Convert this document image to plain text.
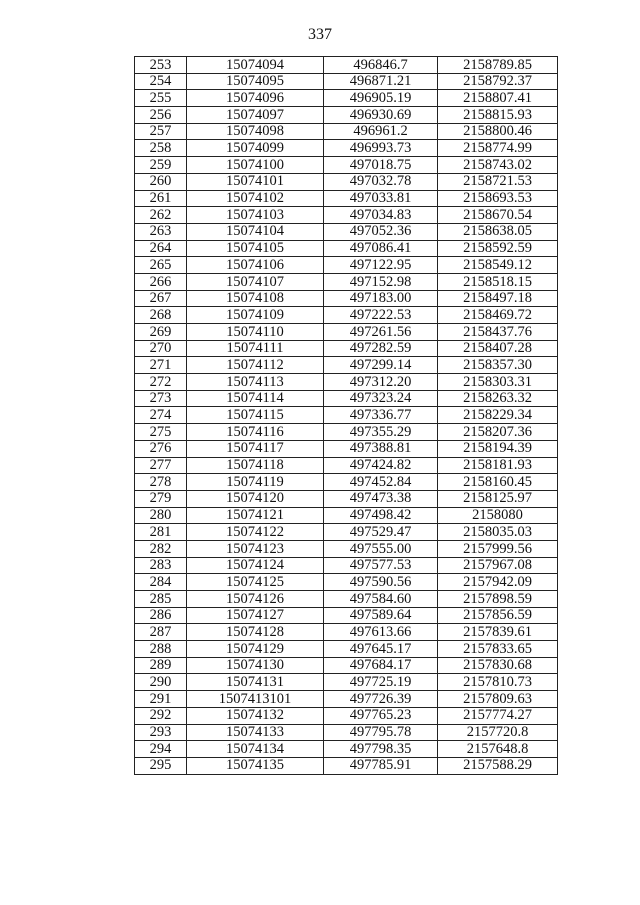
337
253	15074094	496846.7	2158789.85
254	15074095	496871.21	2158792.37
255	15074096	496905.19	2158807.41
256	15074097	496930.69	2158815.93
257	15074098	496961.2	2158800.46
258	15074099	496993.73	2158774.99
259	15074100	497018.75	2158743.02
260	15074101	497032.78	2158721.53
261	15074102	497033.81	2158693.53
262	15074103	497034.83	2158670.54
263	15074104	497052.36	2158638.05
264	15074105	497086.41	2158592.59
265	15074106	497122.95	2158549.12
266	15074107	497152.98	2158518.15
267	15074108	497183.00	2158497.18
268	15074109	497222.53	2158469.72
269	15074110	497261.56	2158437.76
270	15074111	497282.59	2158407.28
271	15074112	497299.14	2158357.30
272	15074113	497312.20	2158303.31
273	15074114	497323.24	2158263.32
274	15074115	497336.77	2158229.34
275	15074116	497355.29	2158207.36
276	15074117	497388.81	2158194.39
277	15074118	497424.82	2158181.93
278	15074119	497452.84	2158160.45
279	15074120	497473.38	2158125.97
280	15074121	497498.42	2158080
281	15074122	497529.47	2158035.03
282	15074123	497555.00	2157999.56
283	15074124	497577.53	2157967.08
284	15074125	497590.56	2157942.09
285	15074126	497584.60	2157898.59
286	15074127	497589.64	2157856.59
287	15074128	497613.66	2157839.61
288	15074129	497645.17	2157833.65
289	15074130	497684.17	2157830.68
290	15074131	497725.19	2157810.73
291	1507413101	497726.39	2157809.63
292	15074132	497765.23	2157774.27
293	15074133	497795.78	2157720.8
294	15074134	497798.35	2157648.8
295	15074135	497785.91	2157588.29
